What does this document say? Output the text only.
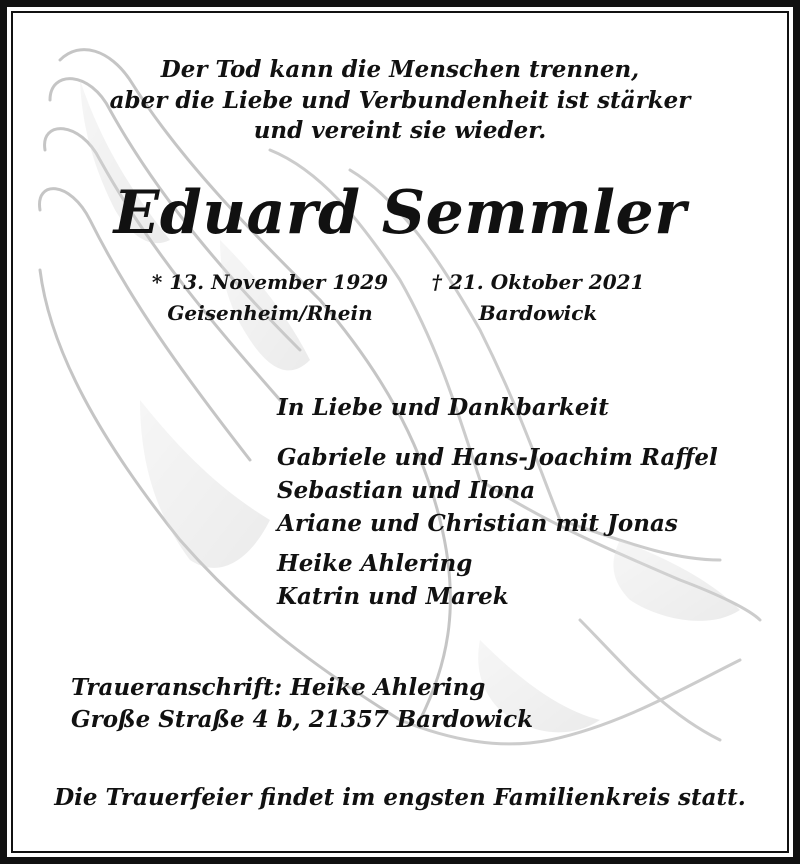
Der Tod kann die Menschen trennen,
aber die Liebe und Verbundenheit ist stärker
und vereint sie wieder.
Eduard Semmler
* 13. November 1929
Geisenheim/Rhein
† 21. Oktober 2021
Bardowick
In Liebe und Dankbarkeit
Gabriele und Hans-Joachim Raffel
Sebastian und Ilona
Ariane und Christian mit Jonas
Heike Ahlering
Katrin und Marek
Traueranschrift: Heike Ahlering
Große Straße 4 b, 21357 Bardowick
Die Trauerfeier findet im engsten Familienkreis statt.
